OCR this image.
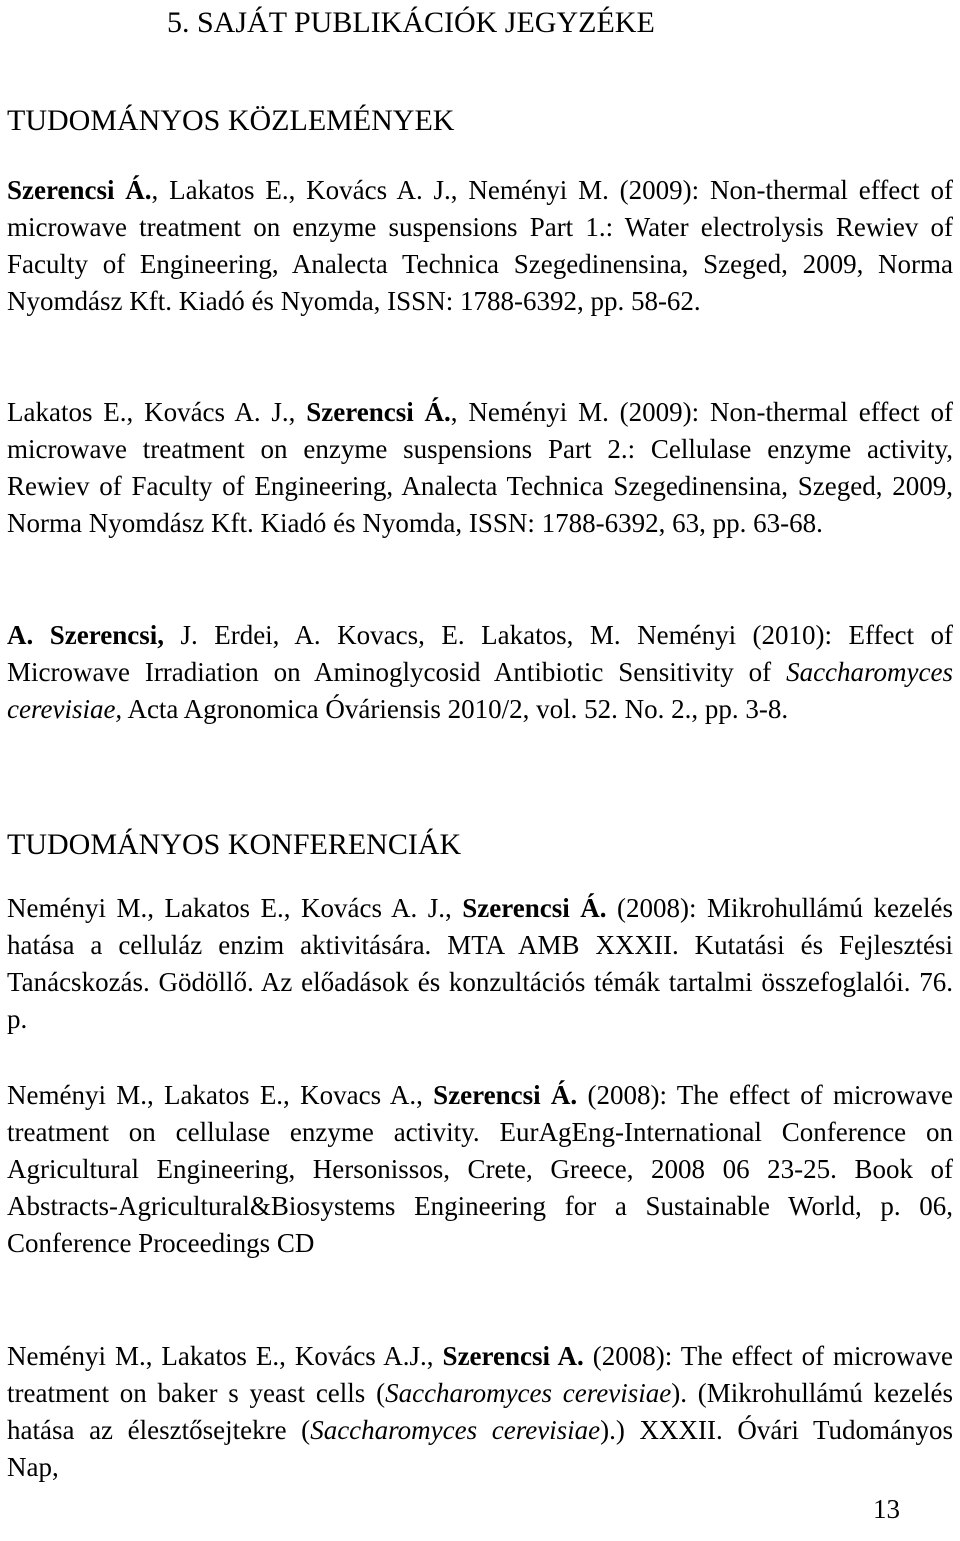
5. SAJÁT PUBLIKÁCIÓK JEGYZÉKE
TUDOMÁNYOS KÖZLEMÉNYEK
Szerencsi Á., Lakatos E., Kovács A. J., Neményi M. (2009): Non-thermal effect of microwave treatment on enzyme suspensions Part 1.: Water electrolysis Rewiev of Faculty of Engineering, Analecta Technica Szegedinensina, Szeged, 2009, Norma Nyomdász Kft. Kiadó és Nyomda, ISSN: 1788-6392, pp. 58-62.
Lakatos E., Kovács A. J., Szerencsi Á., Neményi M. (2009): Non-thermal effect of microwave treatment on enzyme suspensions Part 2.: Cellulase enzyme activity, Rewiev of Faculty of Engineering, Analecta Technica Szegedinensina, Szeged, 2009, Norma Nyomdász Kft. Kiadó és Nyomda, ISSN: 1788-6392, 63, pp. 63-68.
A. Szerencsi, J. Erdei, A. Kovacs, E. Lakatos, M. Neményi (2010): Effect of Microwave Irradiation on Aminoglycosid Antibiotic Sensitivity of Saccharomyces cerevisiae, Acta Agronomica Óváriensis 2010/2, vol. 52. No. 2., pp. 3-8.
TUDOMÁNYOS KONFERENCIÁK
Neményi M., Lakatos E., Kovács A. J., Szerencsi Á. (2008): Mikrohullámú kezelés hatása a celluláz enzim aktivitására. MTA AMB XXXII. Kutatási és Fejlesztési Tanácskozás. Gödöllő. Az előadások és konzultációs témák tartalmi összefoglalói. 76. p.
Neményi M., Lakatos E., Kovacs A., Szerencsi Á. (2008): The effect of microwave treatment on cellulase enzyme activity. EurAgEng-International Conference on Agricultural Engineering, Hersonissos, Crete, Greece, 2008 06 23-25. Book of Abstracts-Agricultural&Biosystems Engineering for a Sustainable World, p. 06, Conference Proceedings CD
Neményi M., Lakatos E., Kovács A.J., Szerencsi A. (2008): The effect of microwave treatment on baker s yeast cells (Saccharomyces cerevisiae). (Mikrohullámú kezelés hatása az élesztősejtekre (Saccharomyces cerevisiae).) XXXII. Óvári Tudományos Nap,
13
